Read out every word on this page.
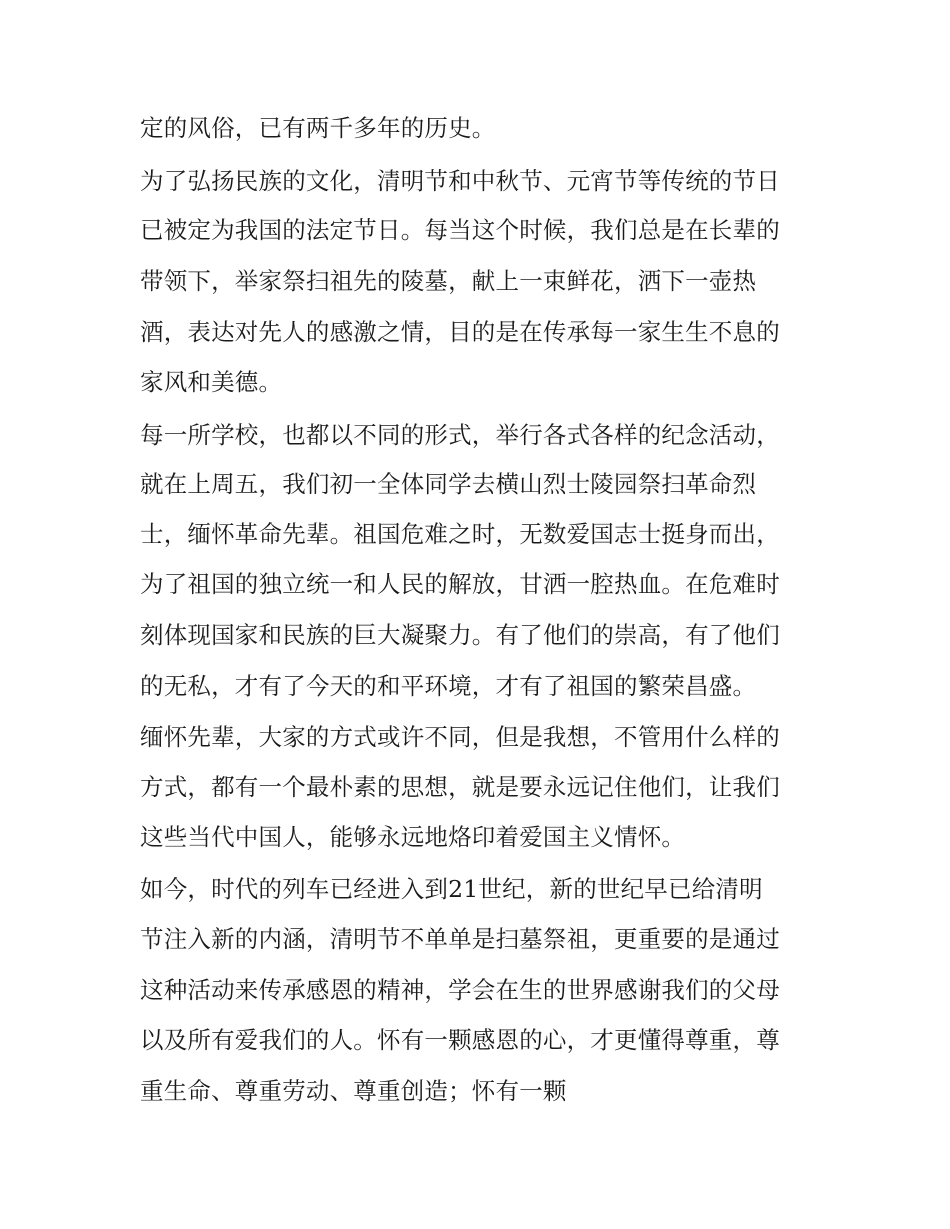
定的风俗，已有两千多年的历史。

为了弘扬民族的文化，清明节和中秋节、元宵节等传统的节日

已被定为我国的法定节日。每当这个时候，我们总是在长辈的

带领下，举家祭扫祖先的陵墓，献上一束鲜花，洒下一壶热

酒，表达对先人的感激之情，目的是在传承每一家生生不息的

家风和美德。

每一所学校，也都以不同的形式，举行各式各样的纪念活动，

就在上周五，我们初一全体同学去横山烈士陵园祭扫革命烈

士，缅怀革命先辈。祖国危难之时，无数爱国志士挺身而出，

为了祖国的独立统一和人民的解放，甘洒一腔热血。在危难时

刻体现国家和民族的巨大凝聚力。有了他们的崇高，有了他们

的无私，才有了今天的和平环境，才有了祖国的繁荣昌盛。

缅怀先辈，大家的方式或许不同，但是我想，不管用什么样的

方式，都有一个最朴素的思想，就是要永远记住他们，让我们

这些当代中国人，能够永远地烙印着爱国主义情怀。

如今，时代的列车已经进入到21世纪，新的世纪早已给清明

节注入新的内涵，清明节不单单是扫墓祭祖，更重要的是通过

这种活动来传承感恩的精神，学会在生的世界感谢我们的父母

以及所有爱我们的人。怀有一颗感恩的心，才更懂得尊重，尊

重生命、尊重劳动、尊重创造；怀有一颗
